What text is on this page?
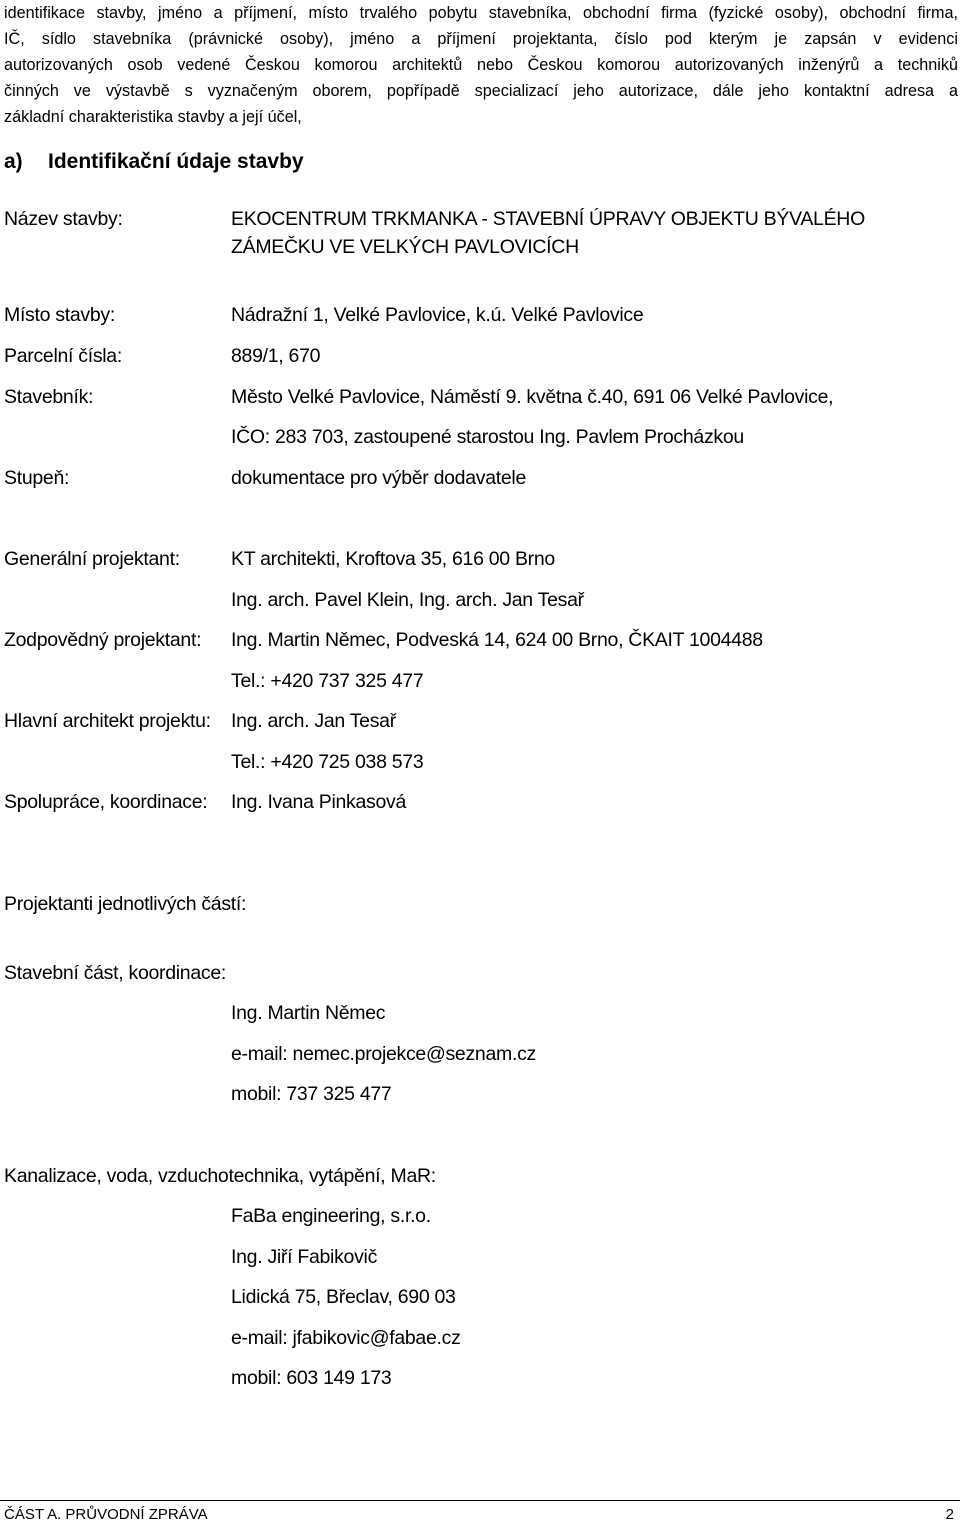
identifikace stavby, jméno a příjmení, místo trvalého pobytu stavebníka, obchodní firma (fyzické osoby), obchodní firma,
IČ, sídlo stavebníka (právnické osoby), jméno a příjmení projektanta, číslo pod kterým je zapsán v evidenci
autorizovaných osob vedené Českou komorou architektů nebo Českou komorou autorizovaných inženýrů a techniků
činných ve výstavbě s vyznačeným oborem, popřípadě specializací jeho autorizace, dále jeho kontaktní adresa a
základní charakteristika stavby a její účel,
a) Identifikační údaje stavby
Název stavby:	EKOCENTRUM TRKMANKA - STAVEBNÍ ÚPRAVY OBJEKTU BÝVALÉHO
ZÁMEČKU VE VELKÝCH PAVLOVICÍCH
Místo stavby:	Nádražní 1, Velké Pavlovice, k.ú. Velké Pavlovice
Parcelní čísla:	889/1, 670
Stavebník:	Město Velké Pavlovice, Náměstí 9. května č.40, 691 06 Velké Pavlovice,
IČO: 283 703, zastoupené starostou Ing. Pavlem Procházkou
Stupeň:	dokumentace pro výběr dodavatele
Generální projektant:	KT architekti, Kroftova 35, 616 00 Brno
Ing. arch. Pavel Klein, Ing. arch. Jan Tesař
Zodpovědný projektant: Ing. Martin Němec, Podveská 14, 624 00 Brno, ČKAIT 1004488
Tel.: +420 737 325 477
Hlavní architekt projektu: Ing. arch. Jan Tesař
Tel.: +420 725 038 573
Spolupráce, koordinace: Ing. Ivana Pinkasová
Projektanti jednotlivých částí:
Stavební část, koordinace:
Ing. Martin Němec
e-mail: nemec.projekce@seznam.cz
mobil: 737 325 477
Kanalizace, voda, vzduchotechnika, vytápění, MaR:
FaBa engineering, s.r.o.
Ing. Jiří Fabikovič
Lidická 75, Břeclav, 690 03
e-mail: jfabikovic@fabae.cz
mobil: 603 149 173
ČÁST A. PRŮVODNÍ ZPRÁVA	2
